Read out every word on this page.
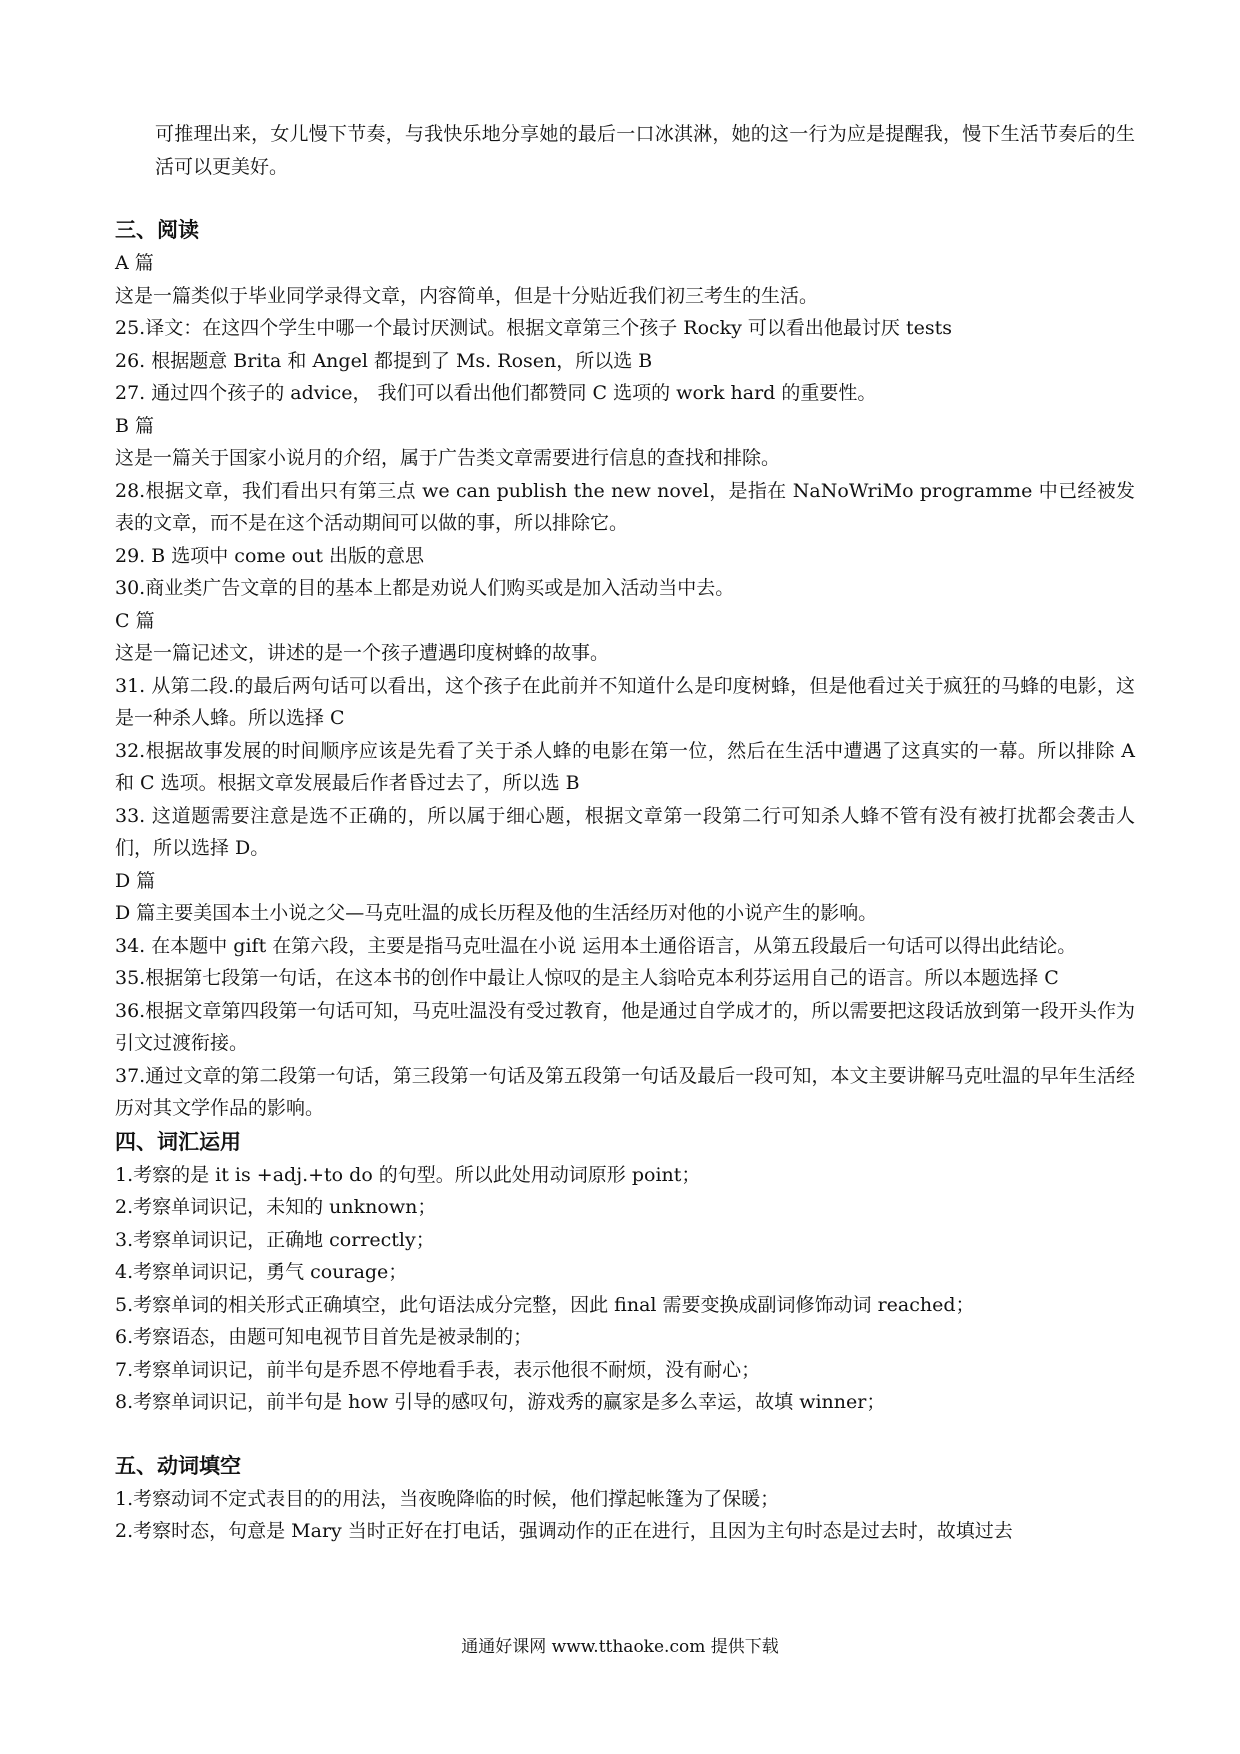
可推理出来，女儿慢下节奏，与我快乐地分享她的最后一口冰淇淋，她的这一行为应是提醒我，慢下生活节奏后的生活可以更美好。

三、阅读

A 篇

这是一篇类似于毕业同学录得文章，内容简单，但是十分贴近我们初三考生的生活。

25.译文：在这四个学生中哪一个最讨厌测试。根据文章第三个孩子 Rocky 可以看出他最讨厌 tests

26. 根据题意 Brita 和 Angel 都提到了 Ms. Rosen，所以选 B

27. 通过四个孩子的 advice， 我们可以看出他们都赞同 C 选项的 work hard 的重要性。

B 篇

这是一篇关于国家小说月的介绍，属于广告类文章需要进行信息的查找和排除。

28.根据文章，我们看出只有第三点 we can publish the new novel，是指在 NaNoWriMo programme 中已经被发表的文章，而不是在这个活动期间可以做的事，所以排除它。

29. B 选项中 come out 出版的意思

30.商业类广告文章的目的基本上都是劝说人们购买或是加入活动当中去。

C 篇

这是一篇记述文，讲述的是一个孩子遭遇印度树蜂的故事。

31. 从第二段.的最后两句话可以看出，这个孩子在此前并不知道什么是印度树蜂，但是他看过关于疯狂的马蜂的电影，这是一种杀人蜂。所以选择 C

32.根据故事发展的时间顺序应该是先看了关于杀人蜂的电影在第一位，然后在生活中遭遇了这真实的一幕。所以排除 A 和 C 选项。根据文章发展最后作者昏过去了，所以选 B

33. 这道题需要注意是选不正确的，所以属于细心题，根据文章第一段第二行可知杀人蜂不管有没有被打扰都会袭击人们，所以选择 D。

D 篇

D 篇主要美国本土小说之父—马克吐温的成长历程及他的生活经历对他的小说产生的影响。

34. 在本题中 gift 在第六段，主要是指马克吐温在小说 运用本土通俗语言，从第五段最后一句话可以得出此结论。

35.根据第七段第一句话，在这本书的创作中最让人惊叹的是主人翁哈克本利芬运用自己的语言。所以本题选择 C

36.根据文章第四段第一句话可知，马克吐温没有受过教育，他是通过自学成才的，所以需要把这段话放到第一段开头作为引文过渡衔接。

37.通过文章的第二段第一句话，第三段第一句话及第五段第一句话及最后一段可知，本文主要讲解马克吐温的早年生活经历对其文学作品的影响。

四、词汇运用

1.考察的是 it is +adj.+to do 的句型。所以此处用动词原形 point；

2.考察单词识记，未知的 unknown；

3.考察单词识记，正确地 correctly；

4.考察单词识记，勇气 courage；

5.考察单词的相关形式正确填空，此句语法成分完整，因此 final 需要变换成副词修饰动词 reached；

6.考察语态，由题可知电视节目首先是被录制的；

7.考察单词识记，前半句是乔恩不停地看手表，表示他很不耐烦，没有耐心；

8.考察单词识记，前半句是 how 引导的感叹句，游戏秀的赢家是多么幸运，故填 winner；

五、动词填空

1.考察动词不定式表目的的用法，当夜晚降临的时候，他们撑起帐篷为了保暖；

2.考察时态，句意是 Mary 当时正好在打电话，强调动作的正在进行，且因为主句时态是过去时，故填过去

通通好课网 www.tthaoke.com 提供下载
